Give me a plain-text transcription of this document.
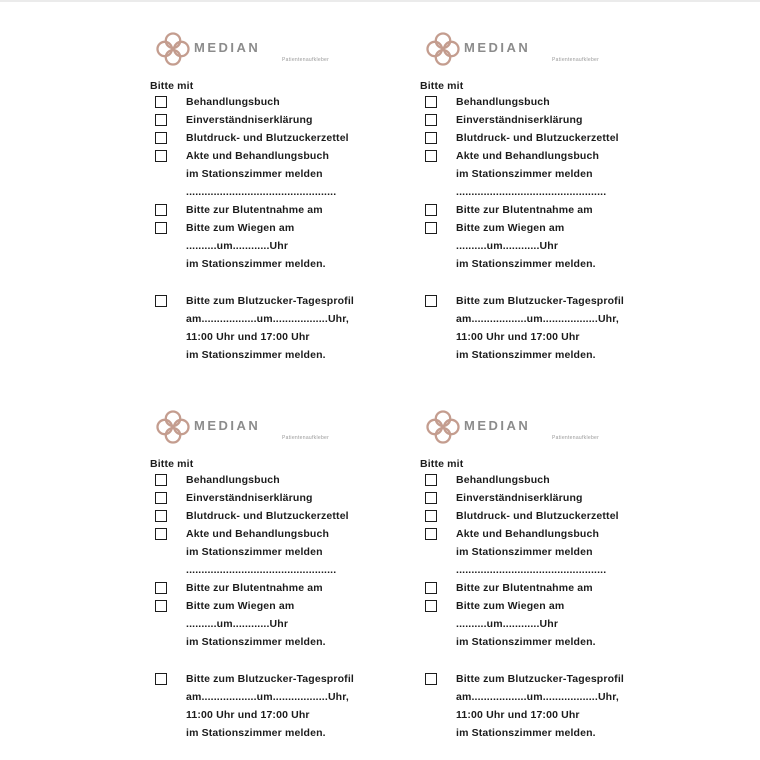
MEDIAN
Patientenaufkleber
Bitte mit
Behandlungsbuch
Einverständniserklärung
Blutdruck- und Blutzuckerzettel
Akte und Behandlungsbuch
im Stationszimmer melden
.................................................
Bitte zur Blutentnahme am
Bitte zum Wiegen am
..........um............Uhr
im Stationszimmer melden.
Bitte zum Blutzucker-Tagesprofil
am..................um..................Uhr,
11:00 Uhr und 17:00 Uhr
im Stationszimmer melden.
MEDIAN
Patientenaufkleber
Bitte mit
Behandlungsbuch
Einverständniserklärung
Blutdruck- und Blutzuckerzettel
Akte und Behandlungsbuch
im Stationszimmer melden
.................................................
Bitte zur Blutentnahme am
Bitte zum Wiegen am
..........um............Uhr
im Stationszimmer melden.
Bitte zum Blutzucker-Tagesprofil
am..................um..................Uhr,
11:00 Uhr und 17:00 Uhr
im Stationszimmer melden.
MEDIAN
Patientenaufkleber
Bitte mit
Behandlungsbuch
Einverständniserklärung
Blutdruck- und Blutzuckerzettel
Akte und Behandlungsbuch
im Stationszimmer melden
.................................................
Bitte zur Blutentnahme am
Bitte zum Wiegen am
..........um............Uhr
im Stationszimmer melden.
Bitte zum Blutzucker-Tagesprofil
am..................um..................Uhr,
11:00 Uhr und 17:00 Uhr
im Stationszimmer melden.
MEDIAN
Patientenaufkleber
Bitte mit
Behandlungsbuch
Einverständniserklärung
Blutdruck- und Blutzuckerzettel
Akte und Behandlungsbuch
im Stationszimmer melden
.................................................
Bitte zur Blutentnahme am
Bitte zum Wiegen am
..........um............Uhr
im Stationszimmer melden.
Bitte zum Blutzucker-Tagesprofil
am..................um..................Uhr,
11:00 Uhr und 17:00 Uhr
im Stationszimmer melden.
